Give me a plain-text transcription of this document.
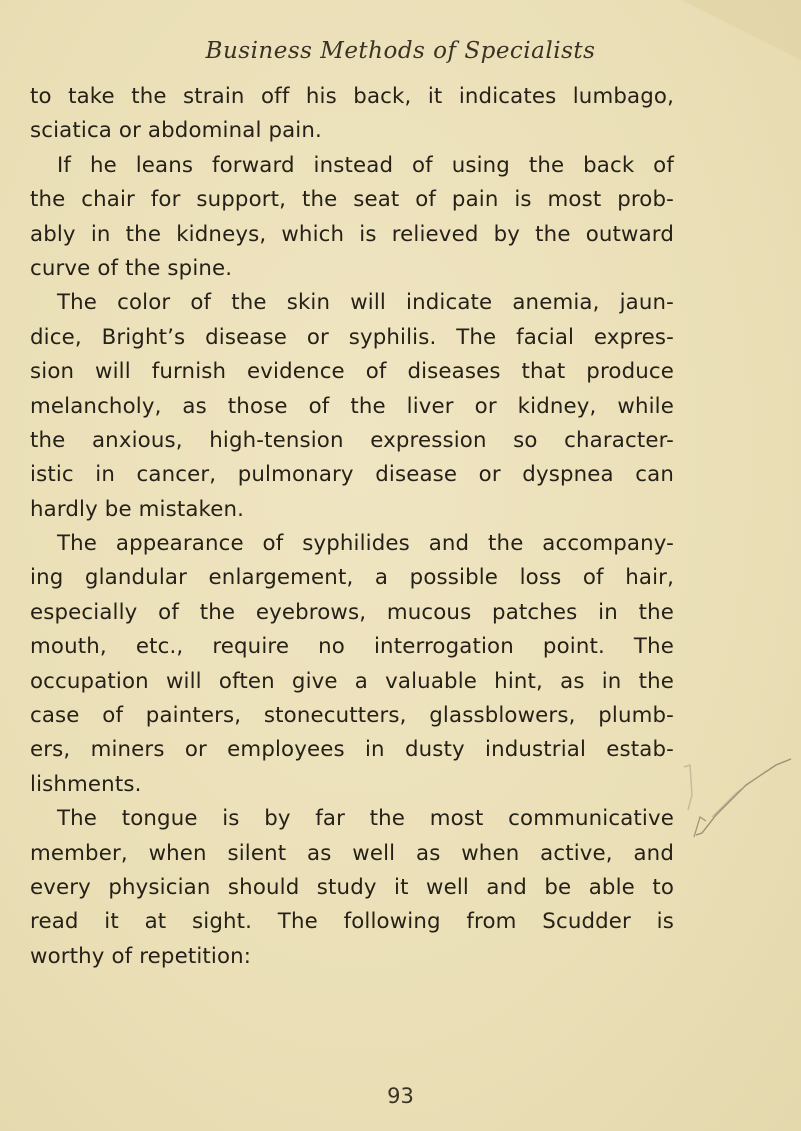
Business Methods of Specialists
to take the strain off his back, it indicates lumbago,
sciatica or abdominal pain.
If he leans forward instead of using the back of
the chair for support, the seat of pain is most prob-
ably in the kidneys, which is relieved by the outward
curve of the spine.
The color of the skin will indicate anemia, jaun-
dice, Bright’s disease or syphilis. The facial expres-
sion will furnish evidence of diseases that produce
melancholy, as those of the liver or kidney, while
the anxious, high-tension expression so character-
istic in cancer, pulmonary disease or dyspnea can
hardly be mistaken.
The appearance of syphilides and the accompany-
ing glandular enlargement, a possible loss of hair,
especially of the eyebrows, mucous patches in the
mouth, etc., require no interrogation point. The
occupation will often give a valuable hint, as in the
case of painters, stonecutters, glassblowers, plumb-
ers, miners or employees in dusty industrial estab-
lishments.
The tongue is by far the most communicative
member, when silent as well as when active, and
every physician should study it well and be able to
read it at sight. The following from Scudder is
worthy of repetition:
93
